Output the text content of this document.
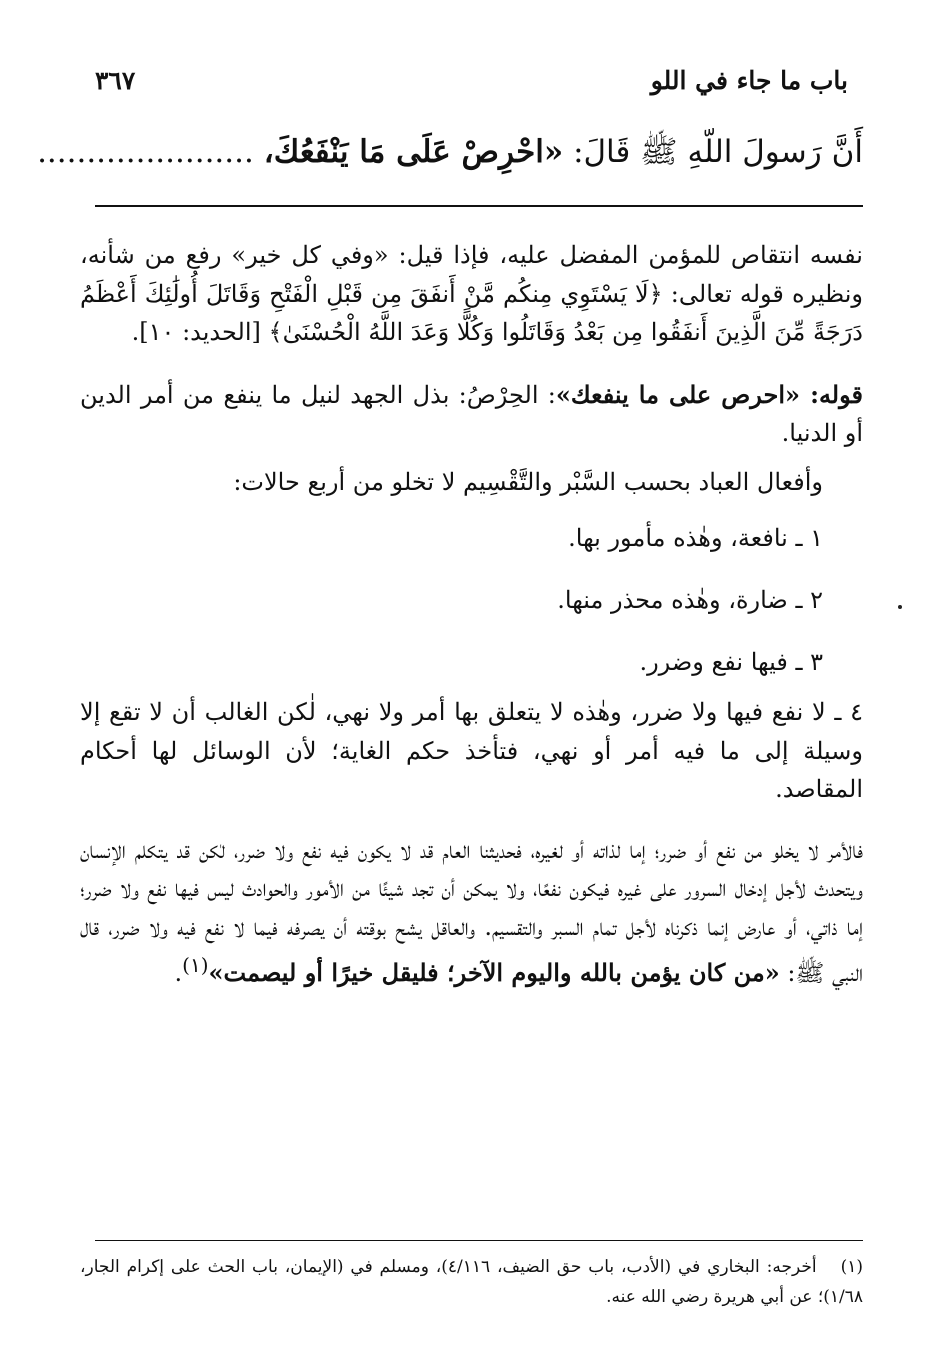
باب ما جاء في اللو
٣٦٧
أَنَّ رَسولَ اللّهِ ﷺ قَالَ: «احْرِصْ عَلَى مَا يَنْفَعُكَ، ......................

نفسه انتقاص للمؤمن المفضل عليه، فإذا قيل: «وفي كل خير» رفع من شأنه، ونظيره قوله تعالى: ﴿لَا يَسْتَوِي مِنكُم مَّنْ أَنفَقَ مِن قَبْلِ الْفَتْحِ وَقَاتَلَ أُولَٰئِكَ أَعْظَمُ دَرَجَةً مِّنَ الَّذِينَ أَنفَقُوا مِن بَعْدُ وَقَاتَلُوا وَكُلًّا وَعَدَ اللَّهُ الْحُسْنَىٰ﴾ [الحديد: ١٠].

قوله: «احرص على ما ينفعك»: الحِرْصُ: بذل الجهد لنيل ما ينفع من أمر الدين أو الدنيا.

وأفعال العباد بحسب السَّبْر والتَّقْسِيم لا تخلو من أربع حالات:

١ ـ نافعة، وهٰذه مأمور بها.

٢ ـ ضارة، وهٰذه محذر منها.

٣ ـ فيها نفع وضرر.

٤ ـ لا نفع فيها ولا ضرر، وهٰذه لا يتعلق بها أمر ولا نهي، لٰكن الغالب أن لا تقع إلا وسيلة إلى ما فيه أمر أو نهي، فتأخذ حكم الغاية؛ لأن الوسائل لها أحكام المقاصد.

فالأمر لا يخلو من نفع أو ضرر؛ إما لذاته أو لغيره، فحديثنا العام قد لا يكون فيه نفع ولا ضرر، لٰكن قد يتكلم الإنسان ويتحدث لأجل إدخال السرور على غيره فيكون نفعًا، ولا يمكن أن تجد شيئًا من الأمور والحوادث ليس فيها نفع ولا ضرر؛ إما ذاتي، أو عارض إنما ذكرناه لأجل تمام السبر والتقسيم. والعاقل يشح بوقته أن يصرفه فيما لا نفع فيه ولا ضرر، قال النبي ﷺ: «من كان يؤمن بالله واليوم الآخر؛ فليقل خيرًا أو ليصمت»$^{(١)}$.

(١)أخرجه: البخاري في (الأدب، باب حق الضيف، ٤/١١٦)، ومسلم في (الإيمان، باب الحث على إكرام الجار، ١/٦٨)؛ عن أبي هريرة رضي الله عنه.
